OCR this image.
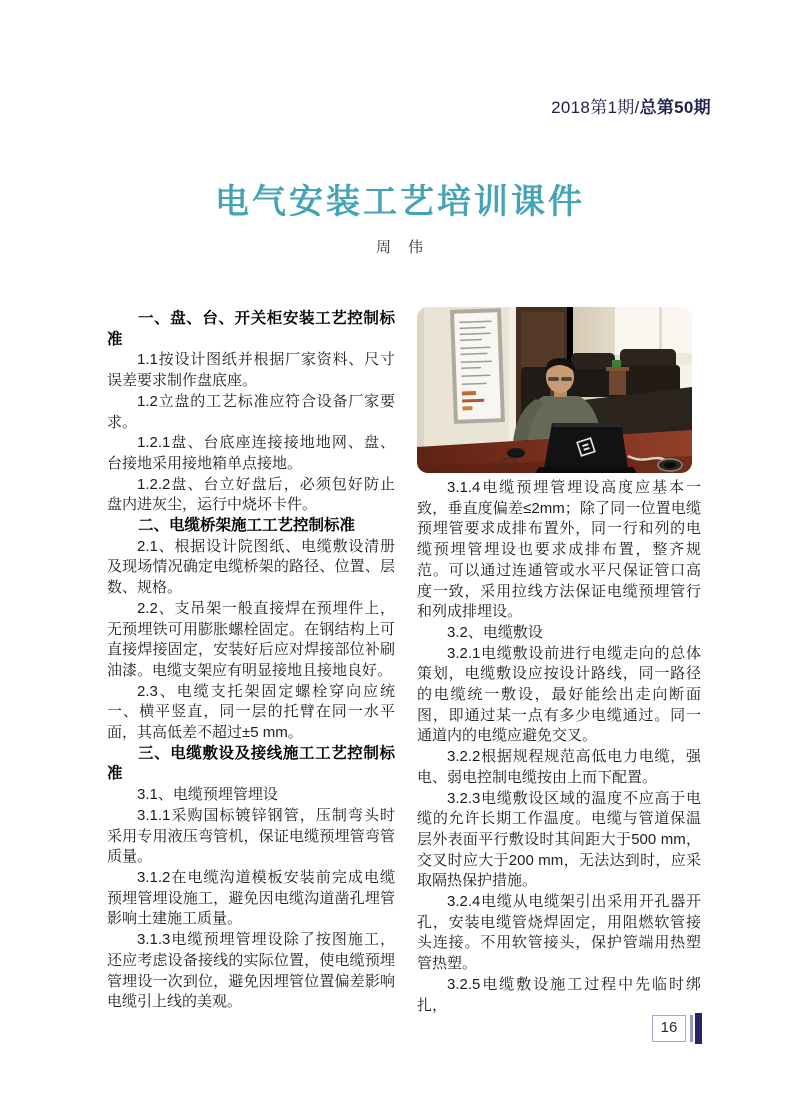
2018第1期/总第50期
电气安装工艺培训课件
周　伟

一、盘、台、开关柜安装工艺控制标准

1.1按设计图纸并根据厂家资料、尺寸误差要求制作盘底座。

1.2立盘的工艺标准应符合设备厂家要求。

1.2.1盘、台底座连接接地地网、盘、台接地采用接地箱单点接地。

1.2.2盘、台立好盘后，必须包好防止盘内进灰尘，运行中烧坏卡件。

二、电缆桥架施工工艺控制标准

2.1、根据设计院图纸、电缆敷设清册及现场情况确定电缆桥架的路径、位置、层数、规格。

2.2、支吊架一般直接焊在预埋件上，无预埋铁可用膨胀螺栓固定。在钢结构上可直接焊接固定，安装好后应对焊接部位补刷油漆。电缆支架应有明显接地且接地良好。

2.3、电缆支托架固定螺栓穿向应统一、横平竖直，同一层的托臂在同一水平面，其高低差不超过±5 mm。

三、电缆敷设及接线施工工艺控制标准

3.1、电缆预埋管埋设

3.1.1采购国标镀锌钢管，压制弯头时采用专用液压弯管机，保证电缆预埋管弯管质量。

3.1.2在电缆沟道模板安装前完成电缆预埋管埋设施工，避免因电缆沟道凿孔埋管影响土建施工质量。

3.1.3电缆预埋管埋设除了按图施工，还应考虑设备接线的实际位置，使电缆预埋管埋设一次到位，避免因埋管位置偏差影响电缆引上线的美观。

3.1.4电缆预埋管埋设高度应基本一致，垂直度偏差≤2mm；除了同一位置电缆预埋管要求成排布置外，同一行和列的电缆预埋管埋设也要求成排布置，整齐规范。可以通过连通管或水平尺保证管口高度一致，采用拉线方法保证电缆预埋管行和列成排埋设。

3.2、电缆敷设

3.2.1电缆敷设前进行电缆走向的总体策划，电缆敷设应按设计路线，同一路径的电缆统一敷设，最好能绘出走向断面图，即通过某一点有多少电缆通过。同一通道内的电缆应避免交叉。

3.2.2根据规程规范高低电力电缆，强电、弱电控制电缆按由上而下配置。

3.2.3电缆敷设区域的温度不应高于电缆的允许长期工作温度。电缆与管道保温层外表面平行敷设时其间距大于500 mm，交叉时应大于200 mm，无法达到时，应采取隔热保护措施。

3.2.4电缆从电缆架引出采用开孔器开孔，安装电缆管烧焊固定，用阻燃软管接头连接。不用软管接头，保护管端用热塑管热塑。

3.2.5电缆敷设施工过程中先临时绑扎，

16
